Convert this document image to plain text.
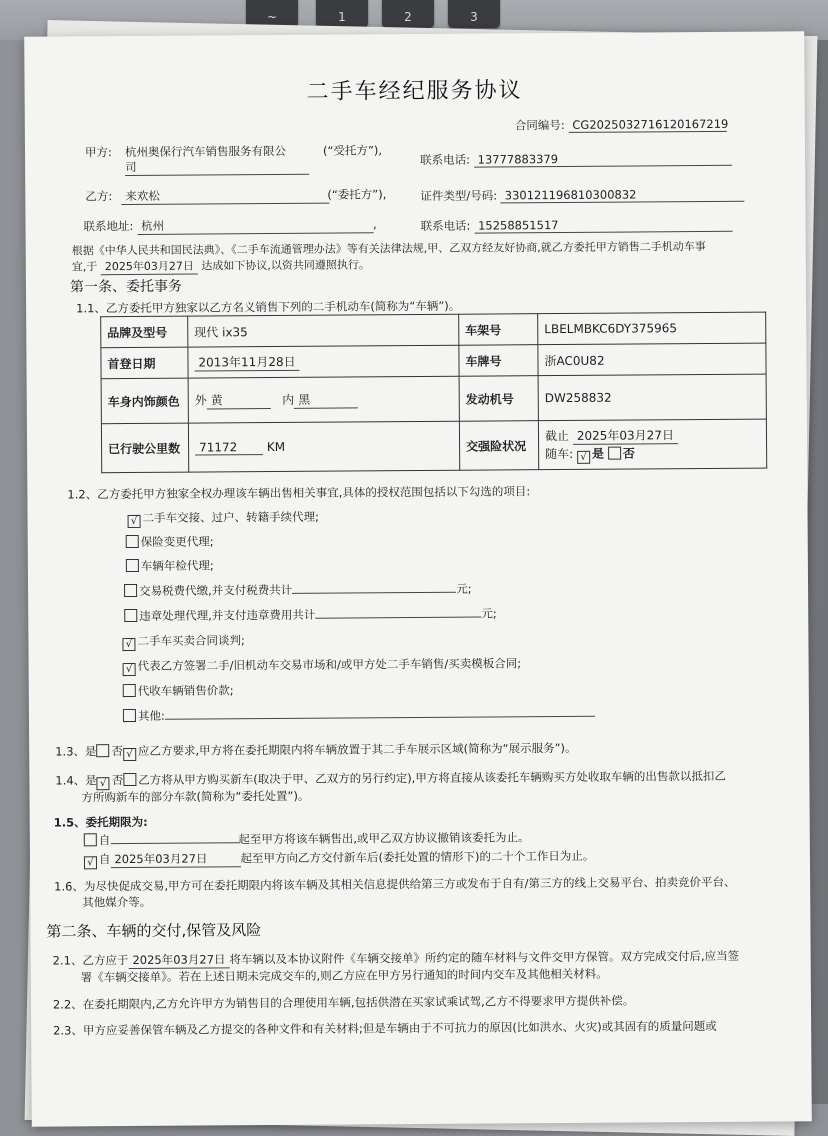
~	1	2	3
二手车经纪服务协议
合同编号: CG20250327161201672​19
甲方: 杭州奥保行汽车销售服务有限公
司
(“受托方”),
联系电话: 13777883379
乙方:	来欢松	(“委托方”),	证件类型/号码: 330121196810300832
联系地址: 杭州	,	联系电话: 15258851517
根据《中华人民共和国民法典》、《二手车流通管理办法》等有关法律法规,甲、乙双方经友好协商,就乙方委托甲方销售二手机动车事
宜,于 2025年03月27日 达成如下协议,以资共同遵照执行。
第一条、委托事务
1.1、乙方委托甲方独家以乙方名义销售下列的二手机动车(简称为“车辆”)。
品牌及型号	现代 ix35	车架号	LBELMBKC6DY375965
首登日期	2013年11月28日	车牌号	浙AC0U82
车身内饰颜色	外 黄 内 黑	发动机号	DW258832
已行驶公里数	71172 KM	交强险状况	截止 2025年03月27日
随车: √ 是 否
1.2、乙方委托甲方独家全权办理该车辆出售相关事宜,具体的授权范围包括以下勾选的项目:
√ 二手车交接、过户、转籍手续代理;
保险变更代理;
车辆年检代理;
交易税费代缴,并支付税费共计	元;
违章处理代理,并支付违章费用共计	元;
√ 二手车买卖合同谈判;
√ 代表乙方签署二手/旧机动车交易市场和/或甲方处二手车销售/买卖模板合同;
代收车辆销售价款;
其他:
1.3、是 否 √ 应乙方要求,甲方将在委托期限内将车辆放置于其二手车展示区域(简称为“展示服务”)。
1.4、是 √ 否 乙方将从甲方购买新车(取决于甲、乙双方的另行约定),甲方将直接从该委托车辆购买方处收取车辆的出售款以抵扣乙
方所购新车的部分车款(简称为“委托处置”)。
1.5、委托期限为:
自	起至甲方将该车辆售出,或甲乙双方协议撤销该委托为止。
√ 自 2025年03月27日	起至甲方向乙方交付新车后(委托处置的情形下)的二十个工作日为止。
1.6、为尽快促成交易,甲方可在委托期限内将该车辆及其相关信息提供给第三方或发布于自有/第三方的线上交易平台、拍卖竞价平台、
其他媒介等。
第二条、车辆的交付,保管及风险
2.1、乙方应于 2025年03月27日 将车辆以及本协议附件《车辆交接单》所约定的随车材料与文件交甲方保管。双方完成交付后,应当签
署《车辆交接单》。若在上述日期未完成交车的,则乙方应在甲方另行通知的时间内交车及其他相关材料。
2.2、在委托期限内,乙方允许甲方为销售目的合理使用车辆,包括供潜在买家试乘试驾,乙方不得要求甲方提供补偿。
2.3、甲方应妥善保管车辆及乙方提交的各种文件和有关材料;但是车辆由于不可抗力的原因(比如洪水、火灾)或其固有的质量问题或
